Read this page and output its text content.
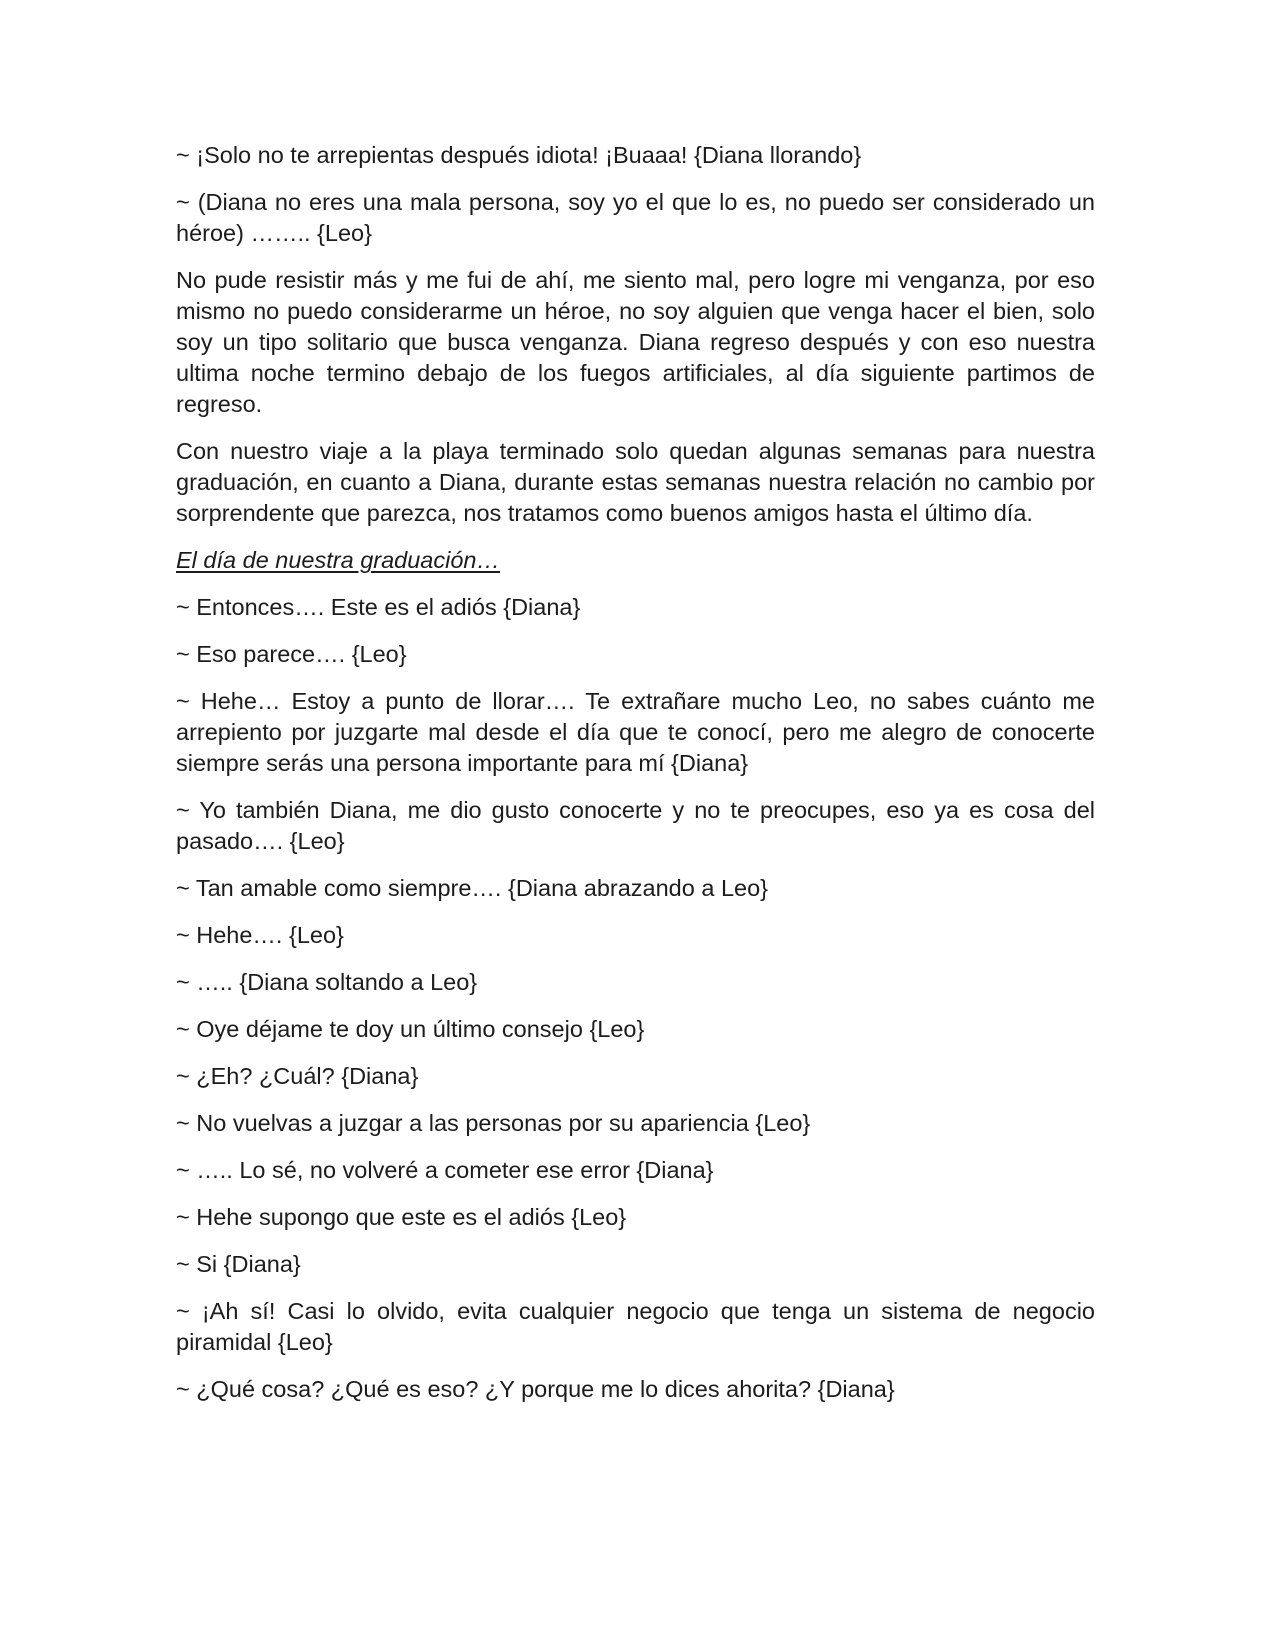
~ ¡Solo no te arrepientas después idiota! ¡Buaaa! {Diana llorando}

~ (Diana no eres una mala persona, soy yo el que lo es, no puedo ser considerado un héroe) …….. {Leo}

No pude resistir más y me fui de ahí, me siento mal, pero logre mi venganza, por eso mismo no puedo considerarme un héroe, no soy alguien que venga hacer el bien, solo soy un tipo solitario que busca venganza. Diana regreso después y con eso nuestra ultima noche termino debajo de los fuegos artificiales, al día siguiente partimos de regreso.

Con nuestro viaje a la playa terminado solo quedan algunas semanas para nuestra graduación, en cuanto a Diana, durante estas semanas nuestra relación no cambio por sorprendente que parezca, nos tratamos como buenos amigos hasta el último día.

El día de nuestra graduación…

~ Entonces…. Este es el adiós {Diana}

~ Eso parece…. {Leo}

~ Hehe… Estoy a punto de llorar…. Te extrañare mucho Leo, no sabes cuánto me arrepiento por juzgarte mal desde el día que te conocí, pero me alegro de conocerte siempre serás una persona importante para mí {Diana}

~ Yo también Diana, me dio gusto conocerte y no te preocupes, eso ya es cosa del pasado…. {Leo}

~ Tan amable como siempre…. {Diana abrazando a Leo}

~ Hehe…. {Leo}

~ ….. {Diana soltando a Leo}

~ Oye déjame te doy un último consejo {Leo}

~ ¿Eh? ¿Cuál? {Diana}

~ No vuelvas a juzgar a las personas por su apariencia {Leo}

~ ….. Lo sé, no volveré a cometer ese error {Diana}

~ Hehe supongo que este es el adiós {Leo}

~ Si {Diana}

~ ¡Ah sí! Casi lo olvido, evita cualquier negocio que tenga un sistema de negocio piramidal {Leo}

~ ¿Qué cosa? ¿Qué es eso? ¿Y porque me lo dices ahorita? {Diana}
